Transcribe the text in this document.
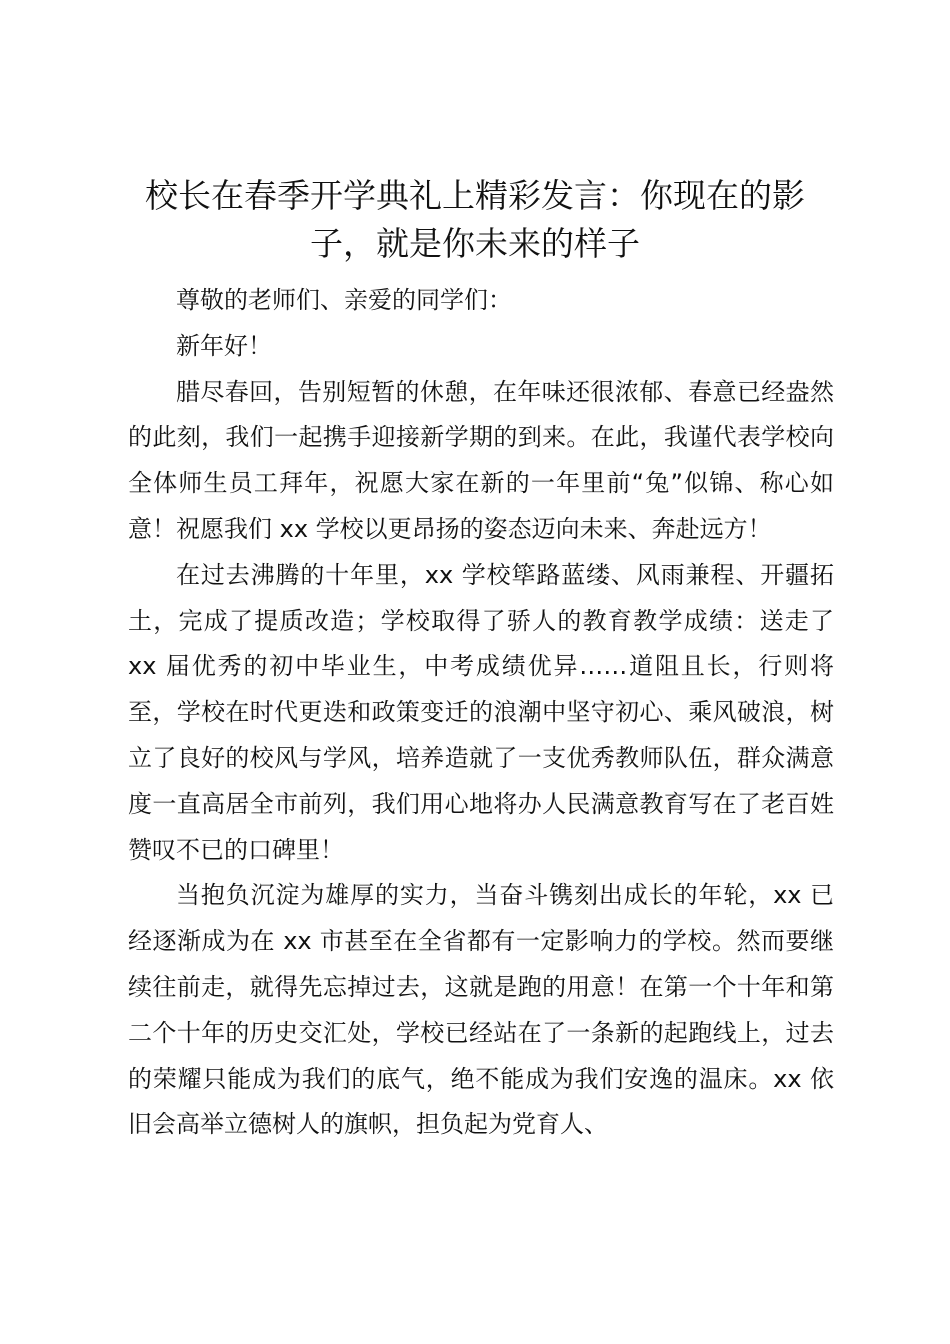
校长在春季开学典礼上精彩发言：你现在的影子，就是你未来的样子

尊敬的老师们、亲爱的同学们：

新年好！

腊尽春回，告别短暂的休憩，在年味还很浓郁、春意已经盎然的此刻，我们一起携手迎接新学期的到来。在此，我谨代表学校向全体师生员工拜年，祝愿大家在新的一年里前“兔”似锦、称心如意！祝愿我们 xx 学校以更昂扬的姿态迈向未来、奔赴远方！

在过去沸腾的十年里，xx 学校筚路蓝缕、风雨兼程、开疆拓土，完成了提质改造；学校取得了骄人的教育教学成绩：送走了 xx 届优秀的初中毕业生，中考成绩优异……道阻且长，行则将至，学校在时代更迭和政策变迁的浪潮中坚守初心、乘风破浪，树立了良好的校风与学风，培养造就了一支优秀教师队伍，群众满意度一直高居全市前列，我们用心地将办人民满意教育写在了老百姓赞叹不已的口碑里！

当抱负沉淀为雄厚的实力，当奋斗镌刻出成长的年轮，xx 已经逐渐成为在 xx 市甚至在全省都有一定影响力的学校。然而要继续往前走，就得先忘掉过去，这就是跑的用意！在第一个十年和第二个十年的历史交汇处，学校已经站在了一条新的起跑线上，过去的荣耀只能成为我们的底气，绝不能成为我们安逸的温床。xx 依旧会高举立德树人的旗帜，担负起为党育人、
